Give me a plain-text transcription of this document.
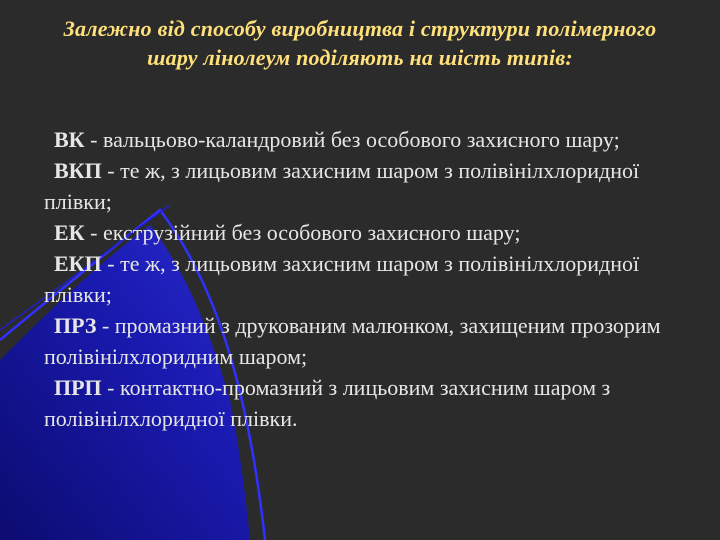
Залежно від способу виробництва і структури полімерного шару лінолеум поділяють на шість типів:
ВК - вальцьово-каландровий без особового захисного шару;
ВКП - те ж, з лицьовим захисним шаром з полівінілхлоридної плівки;
ЕК - екструзійний без особового захисного шару;
ЕКП - те ж, з лицьовим захисним шаром з полівінілхлоридної плівки;
ПРЗ - промазний з друкованим малюнком, захищеним прозорим полівінілхлоридним шаром;
ПРП - контактно-промазний з лицьовим захисним шаром з полівінілхлоридної плівки.
